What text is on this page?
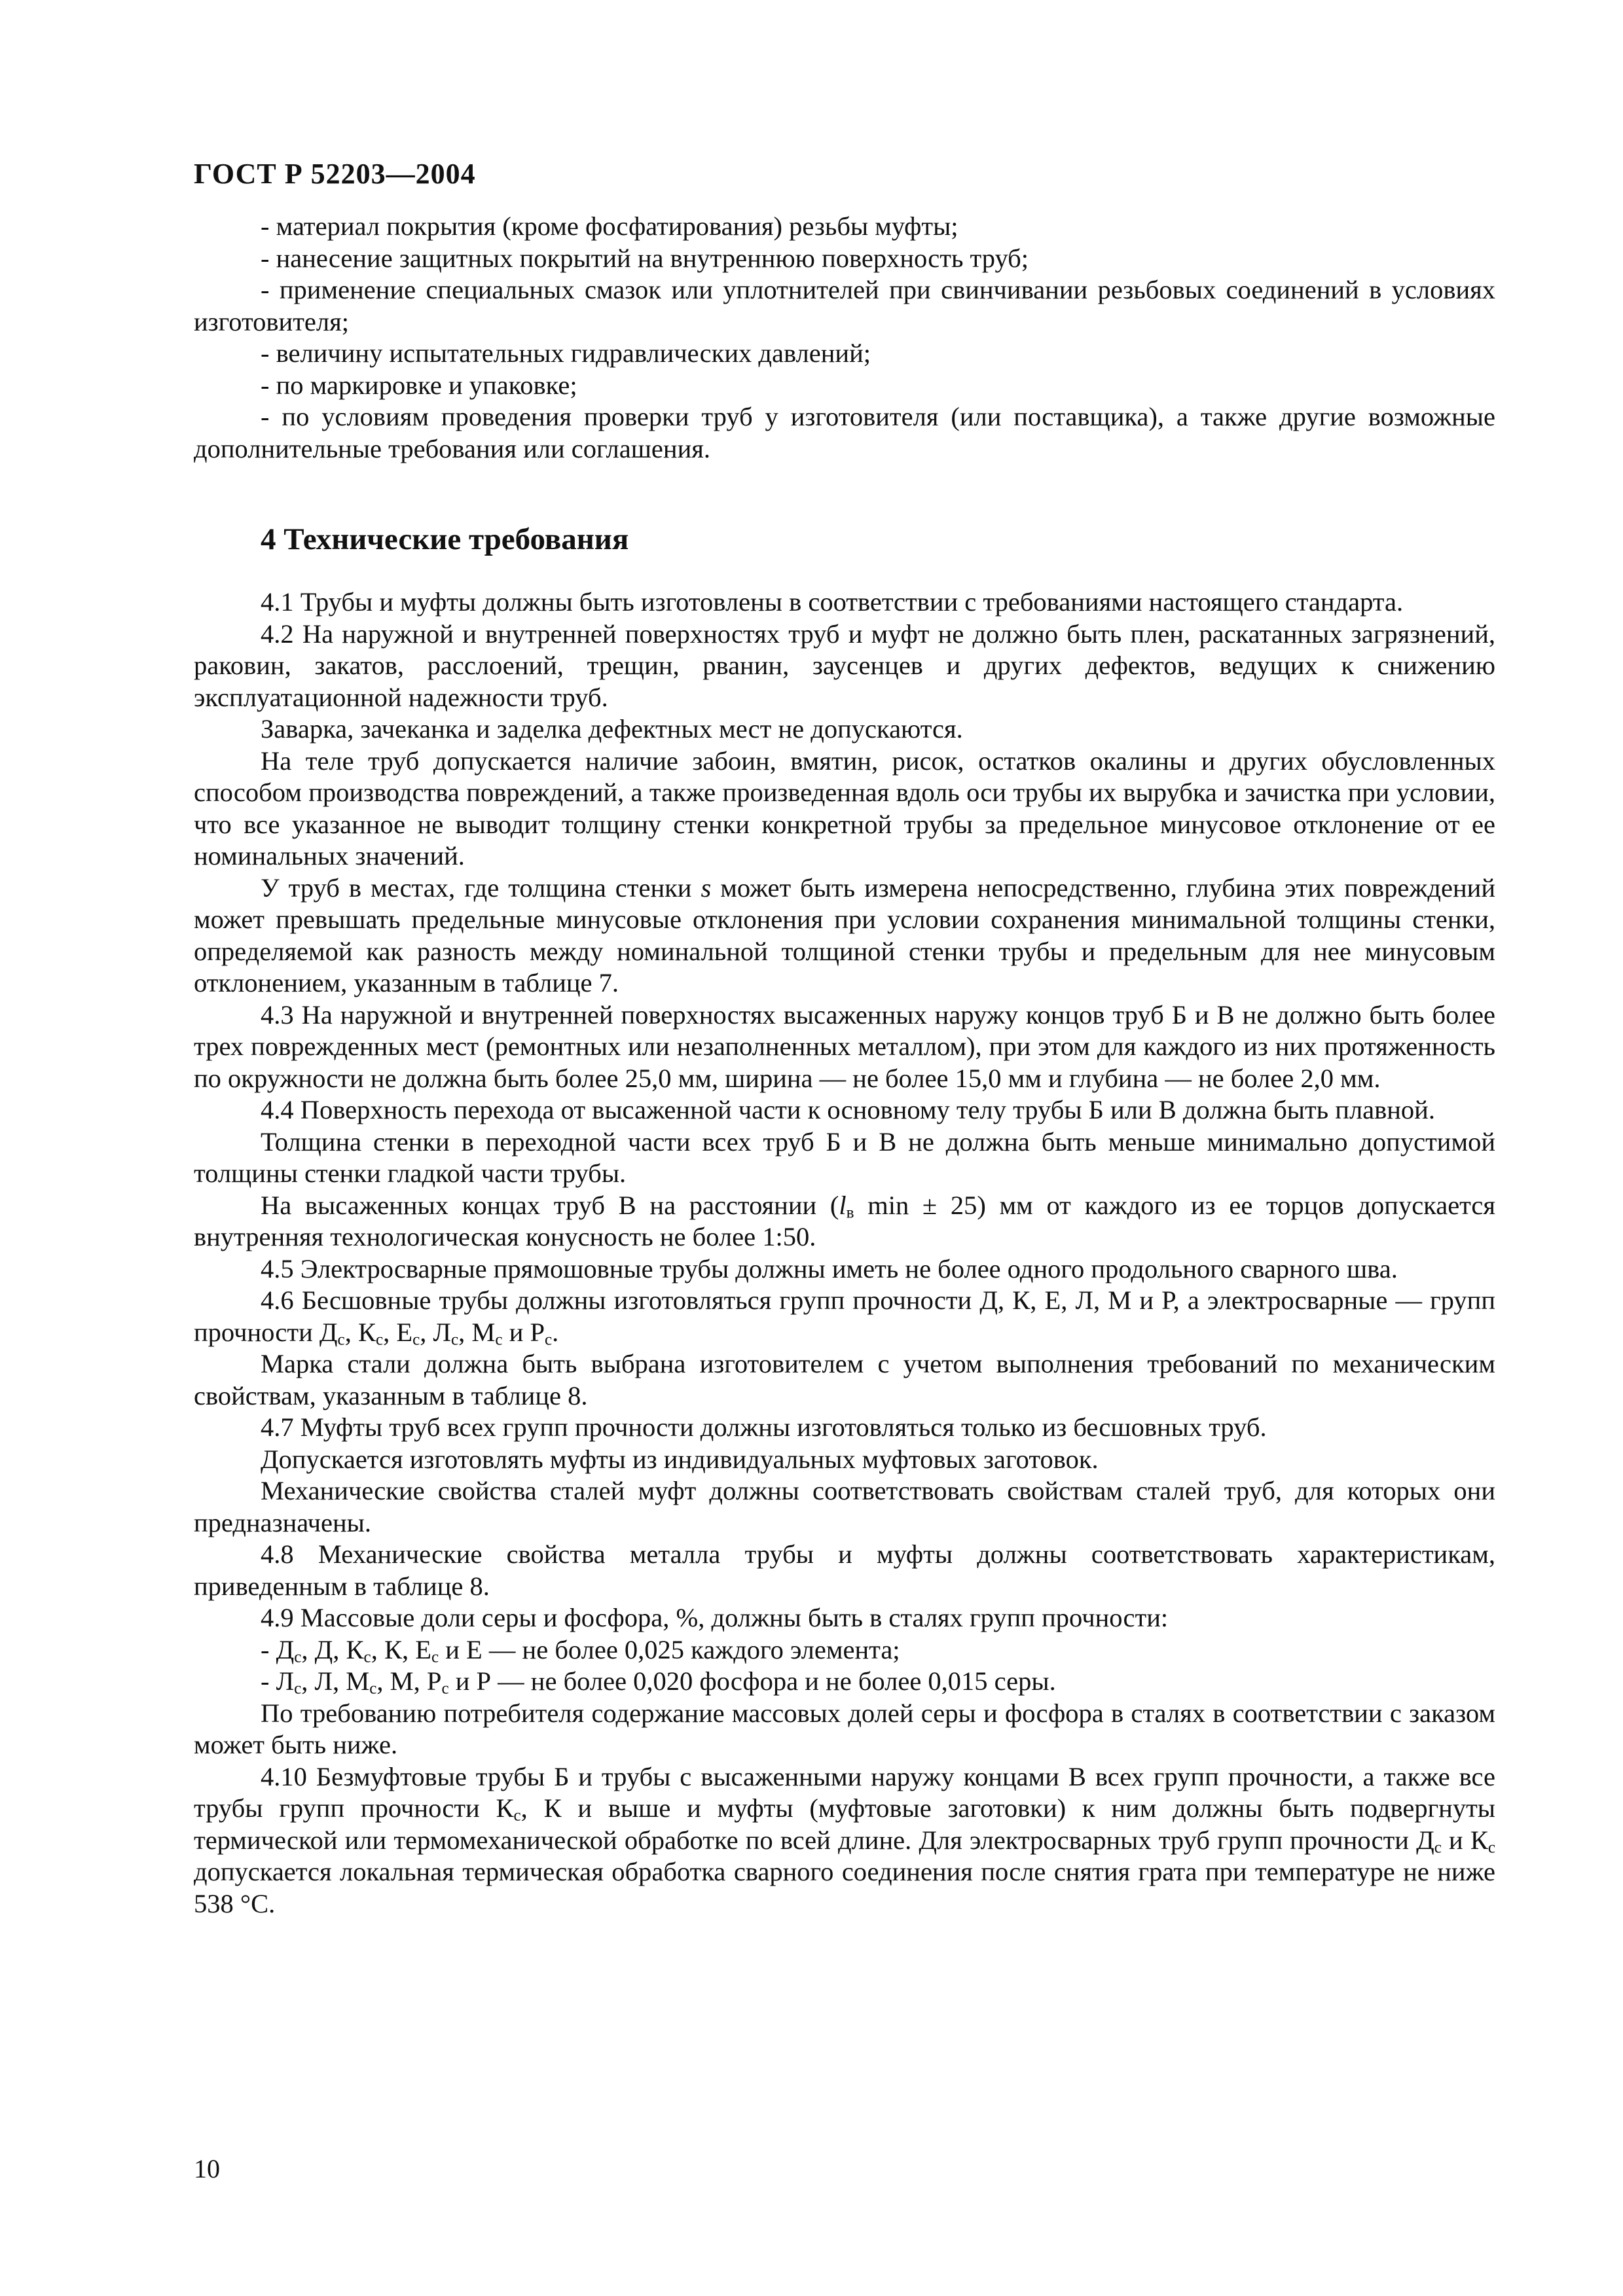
ГОСТ Р 52203—2004

- материал покрытия (кроме фосфатирования) резьбы муфты;

- нанесение защитных покрытий на внутреннюю поверхность труб;

- применение специальных смазок или уплотнителей при свинчивании резьбовых соединений в условиях изготовителя;

- величину испытательных гидравлических давлений;

- по маркировке и упаковке;

- по условиям проведения проверки труб у изготовителя (или поставщика), а также другие возможные дополнительные требования или соглашения.

4 Технические требования

4.1 Трубы и муфты должны быть изготовлены в соответствии с требованиями настоящего стандарта.

4.2 На наружной и внутренней поверхностях труб и муфт не должно быть плен, раскатанных загрязнений, раковин, закатов, расслоений, трещин, рванин, заусенцев и других дефектов, ведущих к снижению эксплуатационной надежности труб.

Заварка, зачеканка и заделка дефектных мест не допускаются.

На теле труб допускается наличие забоин, вмятин, рисок, остатков окалины и других обусловленных способом производства повреждений, а также произведенная вдоль оси трубы их вырубка и зачистка при условии, что все указанное не выводит толщину стенки конкретной трубы за предельное минусовое отклонение от ее номинальных значений.

У труб в местах, где толщина стенки s может быть измерена непосредственно, глубина этих повреждений может превышать предельные минусовые отклонения при условии сохранения минимальной толщины стенки, определяемой как разность между номинальной толщиной стенки трубы и предельным для нее минусовым отклонением, указанным в таблице 7.

4.3 На наружной и внутренней поверхностях высаженных наружу концов труб Б и В не должно быть более трех поврежденных мест (ремонтных или незаполненных металлом), при этом для каждого из них протяженность по окружности не должна быть более 25,0 мм, ширина — не более 15,0 мм и глубина — не более 2,0 мм.

4.4 Поверхность перехода от высаженной части к основному телу трубы Б или В должна быть плавной.

Толщина стенки в переходной части всех труб Б и В не должна быть меньше минимально допустимой толщины стенки гладкой части трубы.

На высаженных концах труб В на расстоянии ($l_в$ min ± 25) мм от каждого из ее торцов допускается внутренняя технологическая конусность не более 1:50.

4.5 Электросварные прямошовные трубы должны иметь не более одного продольного сварного шва.

4.6 Бесшовные трубы должны изготовляться групп прочности Д, К, Е, Л, М и Р, а электросварные — групп прочности $Д_с$, $К_с$, $Е_с$, $Л_с$, $М_с$ и $Р_с$.

Марка стали должна быть выбрана изготовителем с учетом выполнения требований по механическим свойствам, указанным в таблице 8.

4.7 Муфты труб всех групп прочности должны изготовляться только из бесшовных труб.

Допускается изготовлять муфты из индивидуальных муфтовых заготовок.

Механические свойства сталей муфт должны соответствовать свойствам сталей труб, для которых они предназначены.

4.8 Механические свойства металла трубы и муфты должны соответствовать характеристикам, приведенным в таблице 8.

4.9 Массовые доли серы и фосфора, %, должны быть в сталях групп прочности:

- $Д_с$, Д, $К_с$, К, $Е_с$ и Е — не более 0,025 каждого элемента;

- $Л_с$, Л, $М_с$, М, $Р_с$ и Р — не более 0,020 фосфора и не более 0,015 серы.

По требованию потребителя содержание массовых долей серы и фосфора в сталях в соответствии с заказом может быть ниже.

4.10 Безмуфтовые трубы Б и трубы с высаженными наружу концами В всех групп прочности, а также все трубы групп прочности $К_с$, К и выше и муфты (муфтовые заготовки) к ним должны быть подвергнуты термической или термомеханической обработке по всей длине. Для электросварных труб групп прочности $Д_с$ и $К_с$ допускается локальная термическая обработка сварного соединения после снятия грата при температуре не ниже 538 °С.

10
